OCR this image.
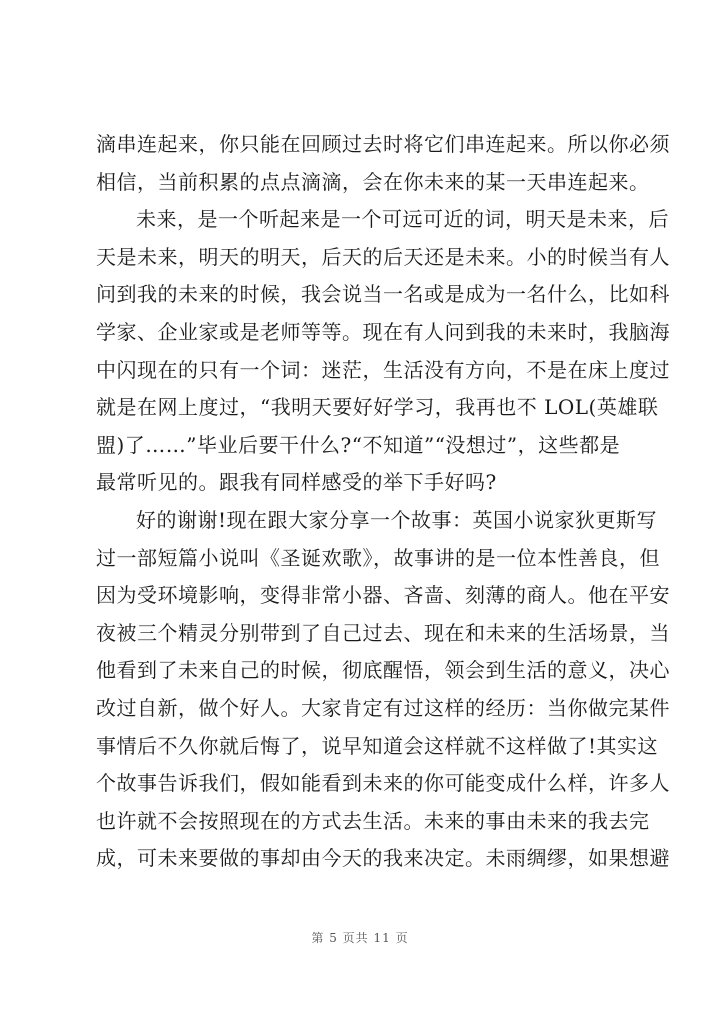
滴串连起来，你只能在回顾过去时将它们串连起来。所以你必须
相信，当前积累的点点滴滴，会在你未来的某一天串连起来。
未来，是一个听起来是一个可远可近的词，明天是未来，后
天是未来，明天的明天，后天的后天还是未来。小的时候当有人
问到我的未来的时候，我会说当一名或是成为一名什么，比如科
学家、企业家或是老师等等。现在有人问到我的未来时，我脑海
中闪现在的只有一个词：迷茫，生活没有方向，不是在床上度过
就是在网上度过，“我明天要好好学习，我再也不 LOL(英雄联
盟)了……”毕业后要干什么?“不知道”“没想过”，这些都是
最常听见的。跟我有同样感受的举下手好吗?
好的谢谢!现在跟大家分享一个故事：英国小说家狄更斯写
过一部短篇小说叫《圣诞欢歌》，故事讲的是一位本性善良，但
因为受环境影响，变得非常小器、吝啬、刻薄的商人。他在平安
夜被三个精灵分别带到了自己过去、现在和未来的生活场景，当
他看到了未来自己的时候，彻底醒悟，领会到生活的意义，决心
改过自新，做个好人。大家肯定有过这样的经历：当你做完某件
事情后不久你就后悔了，说早知道会这样就不这样做了!其实这
个故事告诉我们，假如能看到未来的你可能变成什么样，许多人
也许就不会按照现在的方式去生活。未来的事由未来的我去完
成，可未来要做的事却由今天的我来决定。未雨绸缪，如果想避
第 5 页共 11 页
